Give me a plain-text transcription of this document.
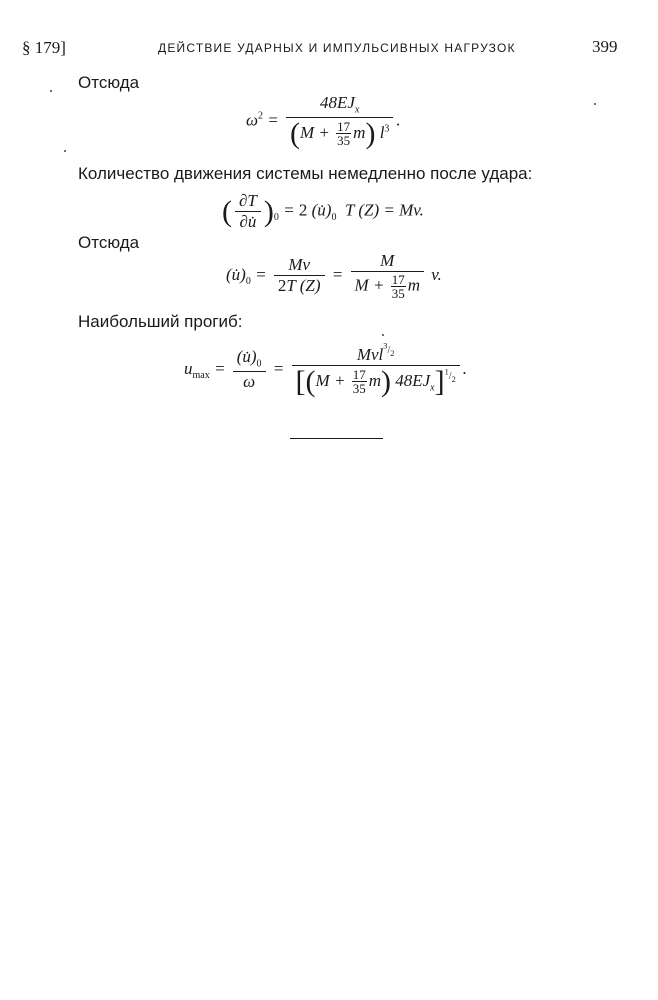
§ 179]	ДЕЙСТВИЕ УДАРНЫХ И ИМПУЛЬСИВНЫХ НАГРУЗОК	399
Отсюда
$\omega^2 = \frac{48EJ_x}{(M + \frac{17}{35} m) l^3}$ .
Количество движения системы немедленно после удара:
( $\frac{\partial T}{\partial u̇} )_0 = 2$ $(u̇)_0$ T (Z) = Mv.
Отсюда
$(u̇)_0 = \frac{Mv}{2T (Z)} = \frac{M}{M + \frac{17}{35} m} v$.
Наибольший прогиб:
$u_{max} = \frac{(u̇)_0}{\omega} = \frac{Mvl^{^3/_2}}{[(M + \frac{17}{35} m) 48EJ_x]^{^1/_2}}$ .
